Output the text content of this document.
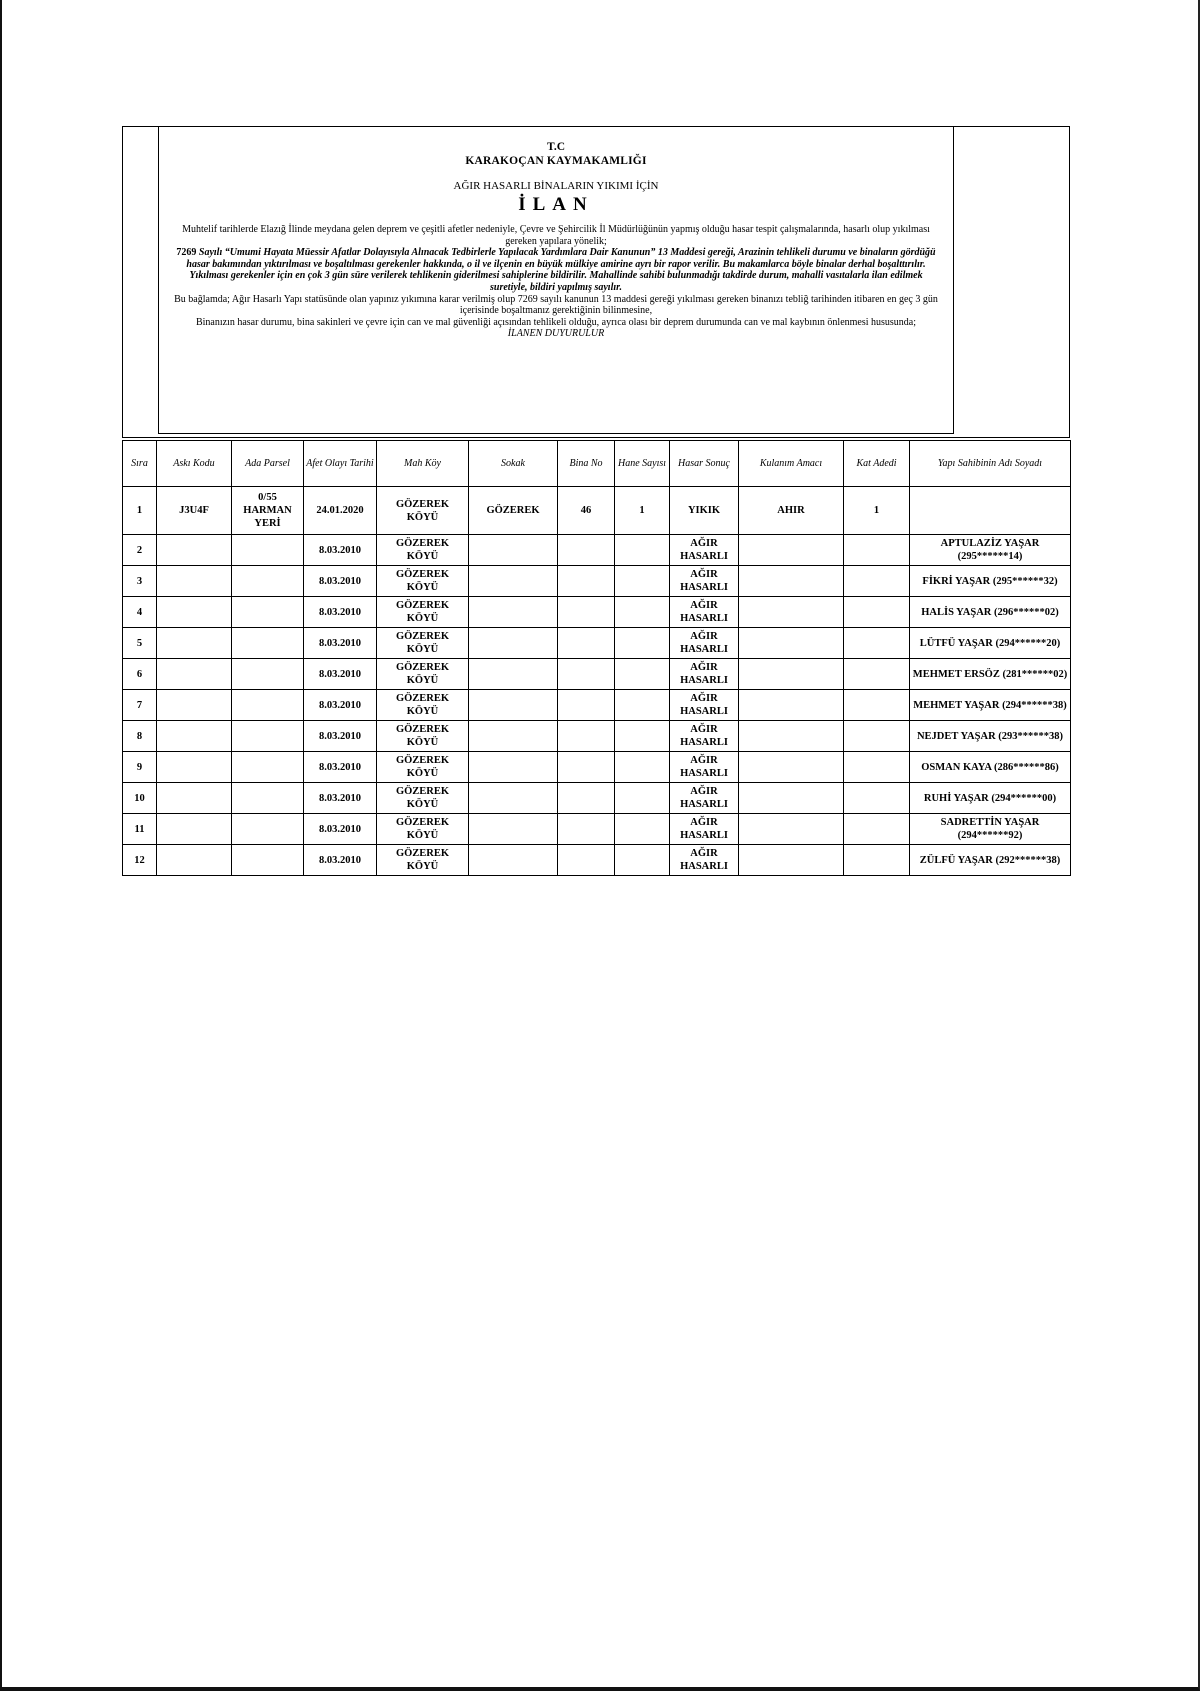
T.C
KARAKOÇAN KAYMAKAMLIĞI
AĞIR HASARLI BİNALARIN YIKIMI İÇİN
İLAN

Muhtelif tarihlerde Elazığ İlinde meydana gelen deprem ve çeşitli afetler nedeniyle, Çevre ve Şehircilik İl Müdürlüğünün yapmış olduğu hasar tespit çalışmalarında, hasarlı olup yıkılması gereken yapılara yönelik;

7269 Sayılı “Umumi Hayata Müessir Afatlar Dolayısıyla Alınacak Tedbirlerle Yapılacak Yardımlara Dair Kanunun” 13 Maddesi gereği, Arazinin tehlikeli durumu ve binaların gördüğü hasar bakımından yıktırılması ve boşaltılması gerekenler hakkında, o il ve ilçenin en büyük mülkiye amirine ayrı bir rapor verilir. Bu makamlarca böyle binalar derhal boşalttırılır. Yıkılması gerekenler için en çok 3 gün süre verilerek tehlikenin giderilmesi sahiplerine bildirilir. Mahallinde sahibi bulunmadığı takdirde durum, mahalli vasıtalarla ilan edilmek suretiyle, bildiri yapılmış sayılır.

Bu bağlamda; Ağır Hasarlı Yapı statüsünde olan yapınız yıkımına karar verilmiş olup 7269 sayılı kanunun 13 maddesi gereği yıkılması gereken binanızı tebliğ tarihinden itibaren en geç 3 gün içerisinde boşaltmanız gerektiğinin bilinmesine,

Binanızın hasar durumu, bina sakinleri ve çevre için can ve mal güvenliği açısından tehlikeli olduğu, ayrıca olası bir deprem durumunda can ve mal kaybının önlenmesi hususunda;

İLANEN DUYURULUR

Sıra	Askı Kodu	Ada Parsel	Afet Olayı Tarihi	Mah Köy	Sokak	Bina No	Hane Sayısı	Hasar Sonuç	Kulanım Amacı	Kat Adedi	Yapı Sahibinin Adı Soyadı
1	J3U4F	0/55 HARMAN YERİ	24.01.2020	GÖZEREK KÖYÜ	GÖZEREK	46	1	YIKIK	AHIR	1	
2			8.03.2010	GÖZEREK KÖYÜ				AĞIR HASARLI			APTULAZİZ YAŞAR (295******14)
3			8.03.2010	GÖZEREK KÖYÜ				AĞIR HASARLI			FİKRİ YAŞAR (295******32)
4			8.03.2010	GÖZEREK KÖYÜ				AĞIR HASARLI			HALİS YAŞAR (296******02)
5			8.03.2010	GÖZEREK KÖYÜ				AĞIR HASARLI			LÜTFÜ YAŞAR (294******20)
6			8.03.2010	GÖZEREK KÖYÜ				AĞIR HASARLI			MEHMET ERSÖZ (281******02)
7			8.03.2010	GÖZEREK KÖYÜ				AĞIR HASARLI			MEHMET YAŞAR (294******38)
8			8.03.2010	GÖZEREK KÖYÜ				AĞIR HASARLI			NEJDET YAŞAR (293******38)
9			8.03.2010	GÖZEREK KÖYÜ				AĞIR HASARLI			OSMAN KAYA (286******86)
10			8.03.2010	GÖZEREK KÖYÜ				AĞIR HASARLI			RUHİ YAŞAR (294******00)
11			8.03.2010	GÖZEREK KÖYÜ				AĞIR HASARLI			SADRETTİN YAŞAR (294******92)
12			8.03.2010	GÖZEREK KÖYÜ				AĞIR HASARLI			ZÜLFÜ YAŞAR (292******38)
